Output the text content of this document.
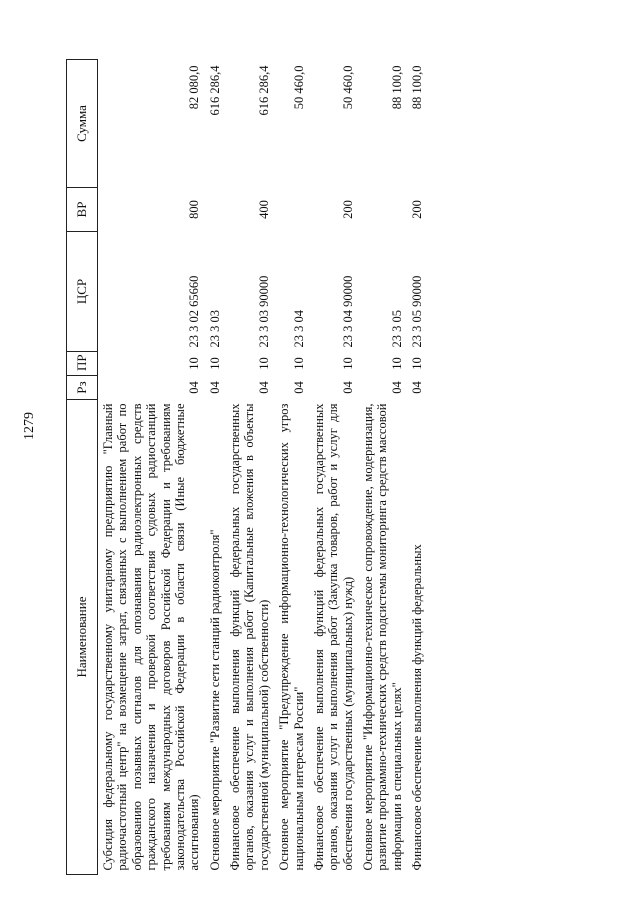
1279
Наименование	Рз	ПР	ЦСР	ВР	Сумма
Субсидия федеральному государственному унитарному предприятию "Главный радиочастотный центр" на возмещение затрат, связанных с выполнением работ по образованию позывных сигналов для опознавания радиоэлектронных средств гражданского назначения и проверкой соответствия судовых радиостанций требованиям международных договоров Российской Федерации и требованиям законодательства Российской Федерации в области связи (Иные бюджетные ассигнования)	04	10	23 3 02 65660	800	82 080,0
Основное мероприятие "Развитие сети станций радиоконтроля"	04	10	23 3 03		616 286,4
Финансовое обеспечение выполнения функций федеральных государственных органов, оказания услуг и выполнения работ (Капитальные вложения в объекты государственной (муниципальной) собственности)	04	10	23 3 03 90000	400	616 286,4
Основное мероприятие "Предупреждение информационно-технологических угроз национальным интересам России"	04	10	23 3 04		50 460,0
Финансовое обеспечение выполнения функций федеральных государственных органов, оказания услуг и выполнения работ (Закупка товаров, работ и услуг для обеспечения государственных (муниципальных) нужд)	04	10	23 3 04 90000	200	50 460,0
Основное мероприятие "Информационно-техническое сопровождение, модернизация, развитие программно-технических средств подсистемы мониторинга средств массовой информации в специальных целях"	04	10	23 3 05		88 100,0
Финансовое обеспечение выполнения функций федеральных	04	10	23 3 05 90000	200	88 100,0
